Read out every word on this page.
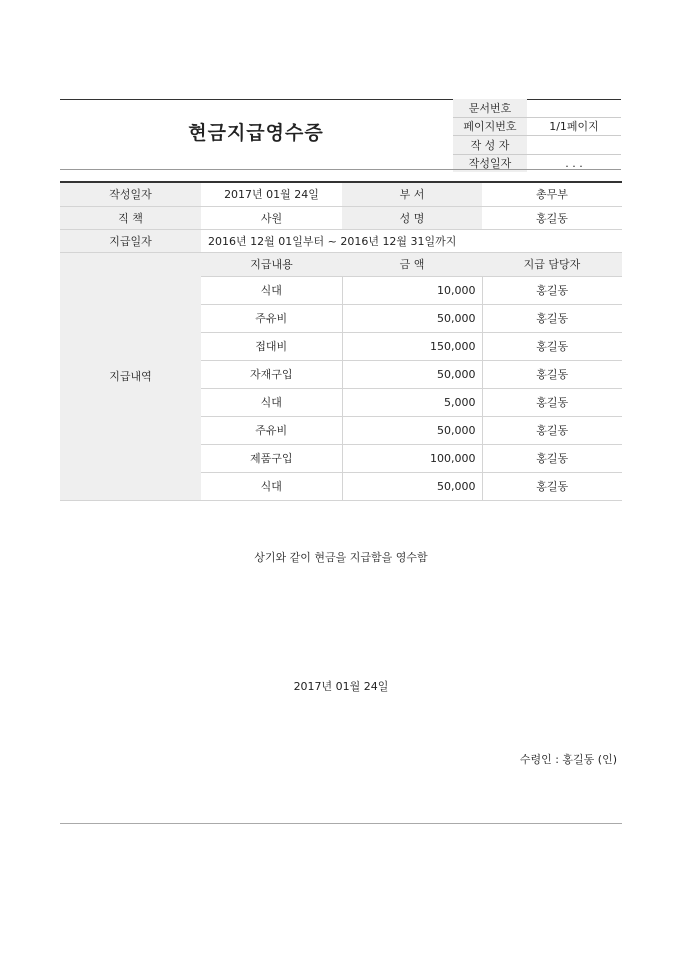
현금지급영수증
문서번호	
페이지번호	1/1페이지
작 성 자	
작성일자	. . .
작성일자	2017년 01월 24일	부 서	총무부
직 책	사원	성 명	홍길동
지급일자	2016년 12월 01일부터 ~ 2016년 12월 31일까지		
지급내역	지급내용	금 액	지급 담당자
	식대	10,000	홍길동
	주유비	50,000	홍길동
	접대비	150,000	홍길동
	자재구입	50,000	홍길동
	식대	5,000	홍길동
	주유비	50,000	홍길동
	제품구입	100,000	홍길동
	식대	50,000	홍길동
상기와 같이 현금을 지급함을 영수함
2017년 01월 24일
수령인 : 홍길동 (인)
